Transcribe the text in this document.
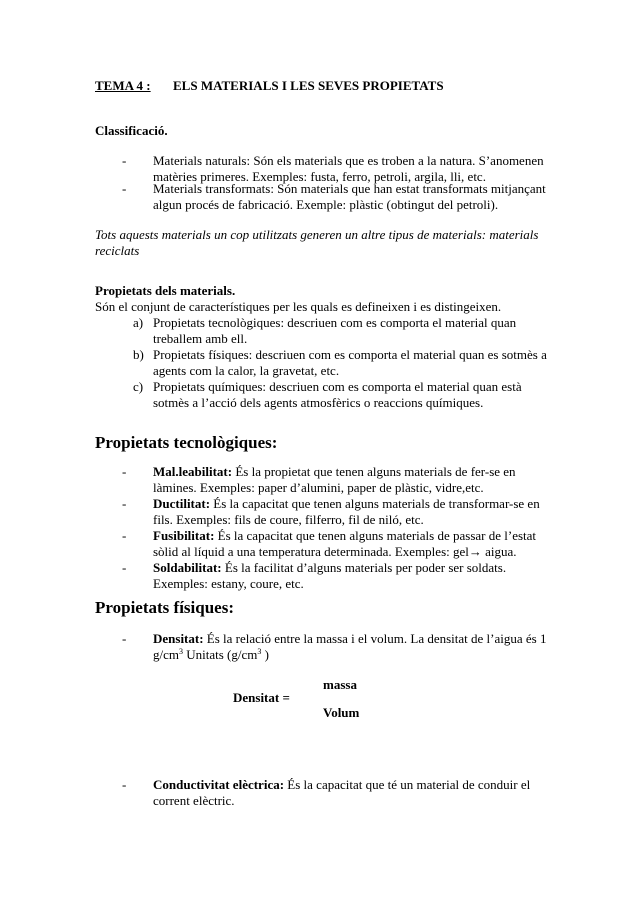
TEMA 4 : ELS MATERIALS I LES SEVES PROPIETATS
Classificació.
- Materials naturals: Són els materials que es troben a la natura. S’anomenen matèries primeres. Exemples: fusta, ferro, petroli, argila, lli, etc.
- Materials transformats: Són materials que han estat transformats mitjançant algun procés de fabricació. Exemple: plàstic (obtingut del petroli).
Tots aquests materials un cop utilitzats generen un altre tipus de materials: materials reciclats
Propietats dels materials.
Són el conjunt de característiques per les quals es defineixen i es distingeixen.
a) Propietats tecnològiques: descriuen com es comporta el material quan treballem amb ell.
b) Propietats físiques: descriuen com es comporta el material quan es sotmès a agents com la calor, la gravetat, etc.
c) Propietats químiques: descriuen com es comporta el material quan està sotmès a l’acció dels agents atmosfèrics o reaccions químiques.
Propietats tecnològiques:
- Mal.leabilitat: És la propietat que tenen alguns materials de fer-se en làmines. Exemples: paper d’alumini, paper de plàstic, vidre,etc.
- Ductilitat: És la capacitat que tenen alguns materials de transformar-se en fils. Exemples: fils de coure, filferro, fil de niló, etc.
- Fusibilitat: És la capacitat que tenen alguns materials de passar de l’estat sòlid al líquid a una temperatura determinada. Exemples: gel→ aigua.
- Soldabilitat: És la facilitat d’alguns materials per poder ser soldats. Exemples: estany, coure, etc.
Propietats físiques:
- Densitat: És la relació entre la massa i el volum. La densitat de l’aigua és 1 $g/cm^3$ Unitats ($g/cm^3$ )
massa
Densitat =
Volum
- Conductivitat elèctrica: És la capacitat que té un material de conduir el corrent elèctric.
